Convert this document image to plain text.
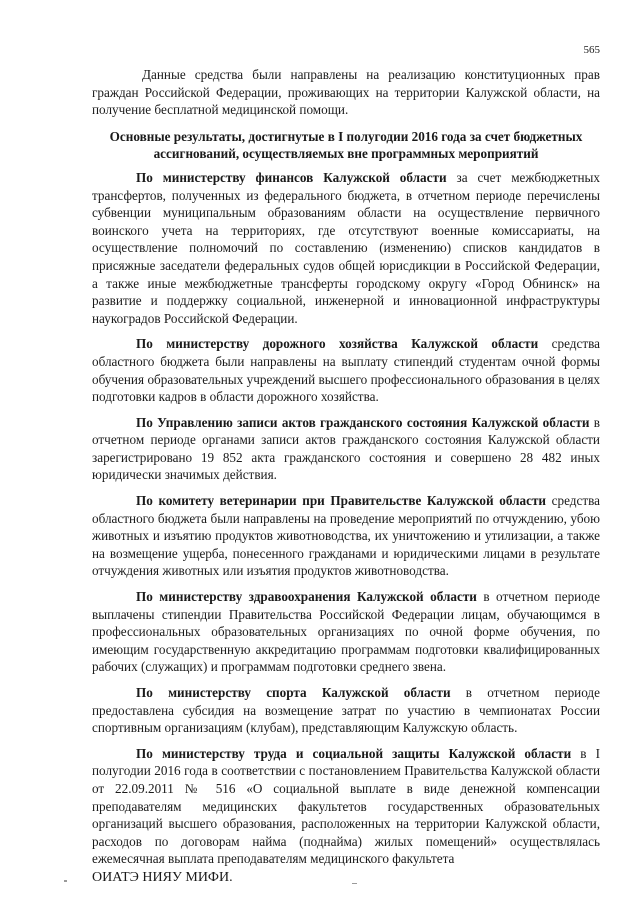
565

Данные средства были направлены на реализацию конституционных прав граждан Российской Федерации, проживающих на территории Калужской области, на получение бесплатной медицинской помощи.

Основные результаты, достигнутые в I полугодии 2016 года за счет бюджетных ассигнований, осуществляемых вне программных мероприятий

По министерству финансов Калужской области за счет межбюджетных трансфертов, полученных из федерального бюджета, в отчетном периоде перечислены субвенции муниципальным образованиям области на осуществление первичного воинского учета на территориях, где отсутствуют военные комиссариаты, на осуществление полномочий по составлению (изменению) списков кандидатов в присяжные заседатели федеральных судов общей юрисдикции в Российской Федерации, а также иные межбюджетные трансферты городскому округу «Город Обнинск» на развитие и поддержку социальной, инженерной и инновационной инфраструктуры наукоградов Российской Федерации.

По министерству дорожного хозяйства Калужской области средства областного бюджета были направлены на выплату стипендий студентам очной формы обучения образовательных учреждений высшего профессионального образования в целях подготовки кадров в области дорожного хозяйства.

По Управлению записи актов гражданского состояния Калужской области в отчетном периоде органами записи актов гражданского состояния Калужской области зарегистрировано 19 852 акта гражданского состояния и совершено 28 482 иных юридически значимых действия.

По комитету ветеринарии при Правительстве Калужской области средства областного бюджета были направлены на проведение мероприятий по отчуждению, убою животных и изъятию продуктов животноводства, их уничтожению и утилизации, а также на возмещение ущерба, понесенного гражданами и юридическими лицами в результате отчуждения животных или изъятия продуктов животноводства.

По министерству здравоохранения Калужской области в отчетном периоде выплачены стипендии Правительства Российской Федерации лицам, обучающимся в профессиональных образовательных организациях по очной форме обучения, по имеющим государственную аккредитацию программам подготовки квалифицированных рабочих (служащих) и программам подготовки среднего звена.

По министерству спорта Калужской области в отчетном периоде предоставлена субсидия на возмещение затрат по участию в чемпионатах России спортивным организациям (клубам), представляющим Калужскую область.

По министерству труда и социальной защиты Калужской области в I полугодии 2016 года в соответствии с постановлением Правительства Калужской области от 22.09.2011 № 516 «О социальной выплате в виде денежной компенсации преподавателям медицинских факультетов государственных образовательных организаций высшего образования, расположенных на территории Калужской области, расходов по договорам найма (поднайма) жилых помещений» осуществлялась ежемесячная выплата преподавателям медицинского факультета
ОИАТЭ НИЯУ МИФИ.
